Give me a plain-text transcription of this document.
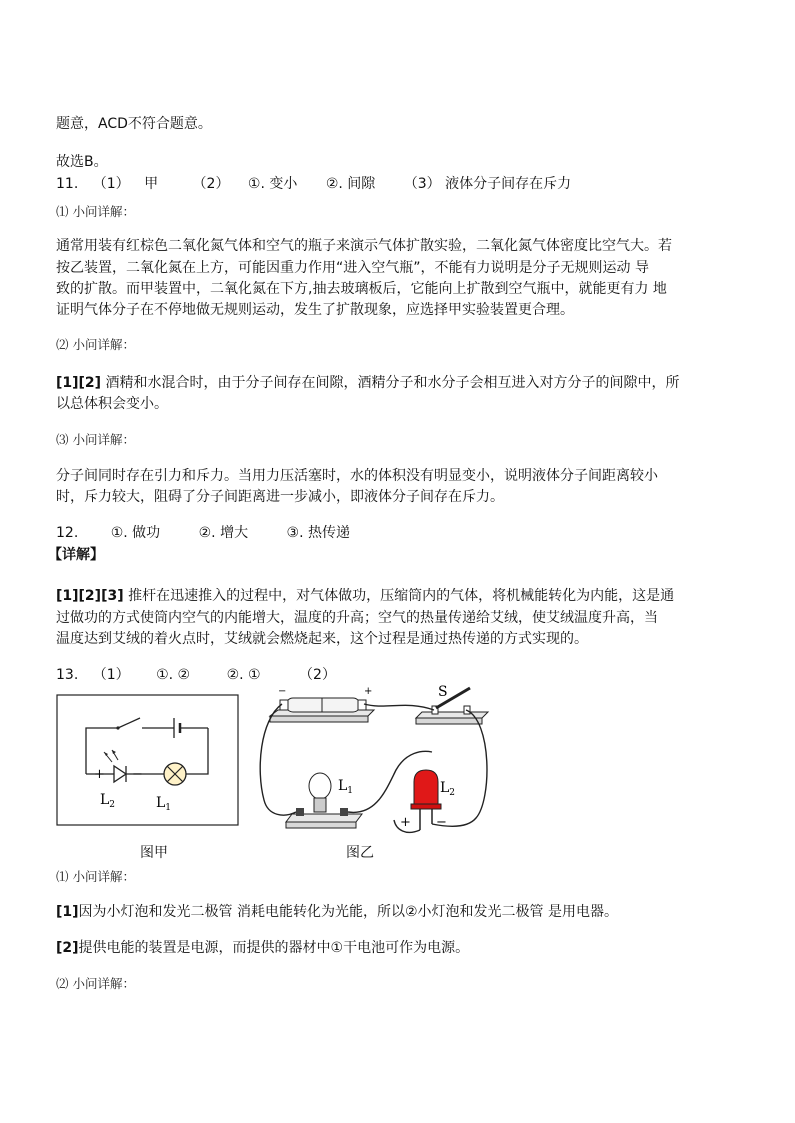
题意，ACD不符合题意。
故选B。
11. （1） 甲 （2） ①. 变小 ②. 间隙 （3） 液体分子间存在斥力
⑴ 小问详解：
通常用装有红棕色二氧化氮气体和空气的瓶子来演示气体扩散实验，二氧化氮气体密度比空气大。若
按乙装置，二氧化氮在上方，可能因重力作用“进入空气瓶”，不能有力说明是分子无规则运动 导
致的扩散。而甲装置中，二氧化氮在下方,抽去玻璃板后，它能向上扩散到空气瓶中，就能更有力 地
证明气体分子在不停地做无规则运动，发生了扩散现象，应选择甲实验装置更合理。
⑵ 小问详解：
[1][2] 酒精和水混合时，由于分子间存在间隙，酒精分子和水分子会相互进入对方分子的间隙中，所
以总体积会变小。
⑶ 小问详解：
分子间同时存在引力和斥力。当用力压活塞时，水的体积没有明显变小，说明液体分子间距离较小
时，斥力较大，阻碍了分子间距离进一步减小，即液体分子间存在斥力。
12. ①. 做功	②. 增大	③. 热传递
【详解】
[1][2][3] 推杆在迅速推入的过程中，对气体做功，压缩筒内的气体，将机械能转化为内能，这是通
过做功的方式使筒内空气的内能增大，温度的升高；空气的热量传递给艾绒，使艾绒温度升高，当
温度达到艾绒的着火点时，艾绒就会燃烧起来，这个过程是通过热传递的方式实现的。
13. （1） ①. ②	②. ①	（2）
+ −
$L_2$	$L_1$
图甲
−	+	S
$L_1$	$L_2$
+ −
图乙
⑴ 小问详解：
[1]因为小灯泡和发光二极管 消耗电能转化为光能，所以②小灯泡和发光二极管 是用电器。
[2]提供电能的装置是电源，而提供的器材中①干电池可作为电源。
⑵ 小问详解：
